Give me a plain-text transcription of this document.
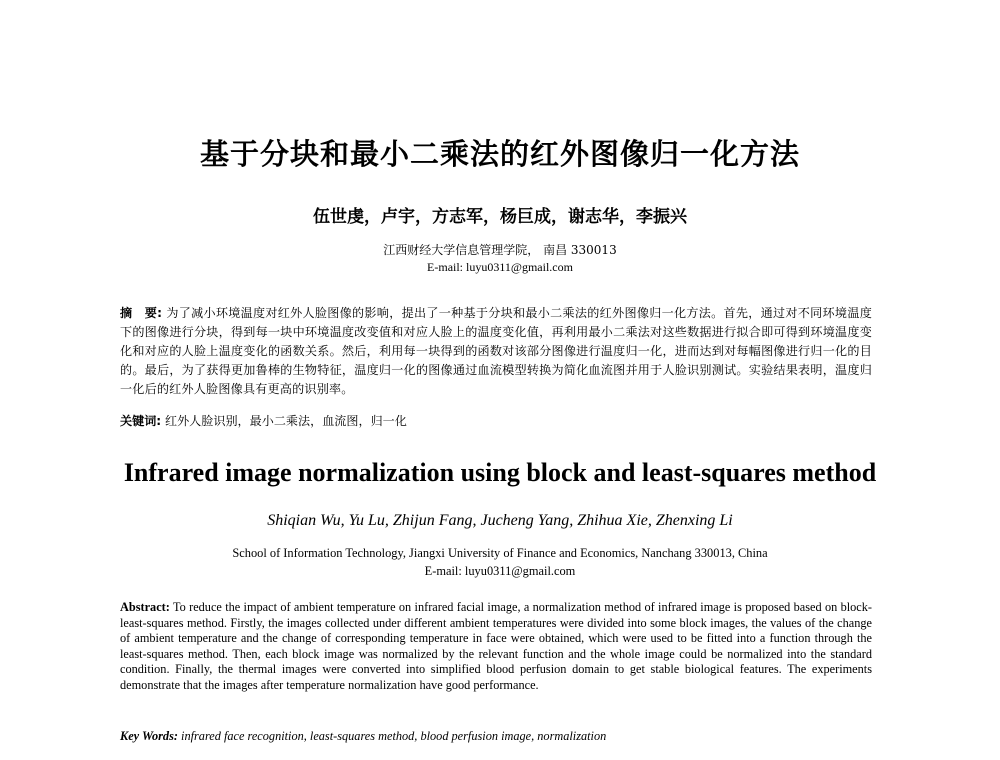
基于分块和最小二乘法的红外图像归一化方法
伍世虔，卢宇，方志军，杨巨成，谢志华，李振兴
江西财经大学信息管理学院， 南昌 330013
E-mail: luyu0311@gmail.com
摘　要: 为了减小环境温度对红外人脸图像的影响，提出了一种基于分块和最小二乘法的红外图像归一化方法。首先，通过对不同环境温度下的图像进行分块，得到每一块中环境温度改变值和对应人脸上的温度变化值，再利用最小二乘法对这些数据进行拟合即可得到环境温度变化和对应的人脸上温度变化的函数关系。然后，利用每一块得到的函数对该部分图像进行温度归一化，进而达到对每幅图像进行归一化的目的。最后，为了获得更加鲁棒的生物特征，温度归一化的图像通过血流模型转换为简化血流图并用于人脸识别测试。实验结果表明，温度归一化后的红外人脸图像具有更高的识别率。
关键词: 红外人脸识别，最小二乘法，血流图，归一化
Infrared image normalization using block and least-squares method
Shiqian Wu, Yu Lu, Zhijun Fang, Jucheng Yang, Zhihua Xie, Zhenxing Li
School of Information Technology, Jiangxi University of Finance and Economics, Nanchang 330013, China
E-mail: luyu0311@gmail.com
Abstract: To reduce the impact of ambient temperature on infrared facial image, a normalization method of infrared image is proposed based on block-least-squares method. Firstly, the images collected under different ambient temperatures were divided into some block images, the values of the change of ambient temperature and the change of corresponding temperature in face were obtained, which were used to be fitted into a function through the least-squares method. Then, each block image was normalized by the relevant function and the whole image could be normalized into the standard condition. Finally, the thermal images were converted into simplified blood perfusion domain to get stable biological features. The experiments demonstrate that the images after temperature normalization have good performance.
Key Words: infrared face recognition, least-squares method, blood perfusion image, normalization
